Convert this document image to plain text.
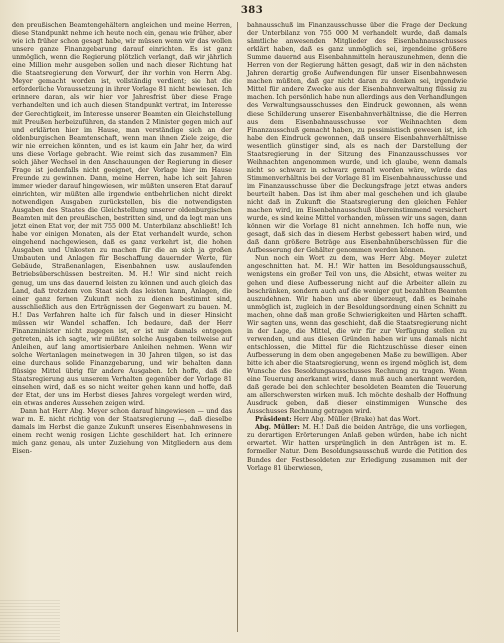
383

den preußischen Beamtengehältern angleichen und meine Herren, diese Standpunkt nehme ich heute noch ein, genau wie früher, aber wie ich früher schon gesagt habe, wir müssen wenn wir das wollen unsere ganze Finanzgebarung darauf einrichten. Es ist ganz unmöglich, wenn die Regierung plötzlich verlangt, daß wir jährlich eine Million mehr ausgeben sollen und nach dieser Richtung hat die Staatsregierung den Vorwurf, der ihr vorhin von Herrn Abg. Meyer gemacht worden ist, vollständig verdient; sie hat die erforderliche Voraussetzung in ihrer Vorlage 81 nicht bewiesen. Ich erinnere daran, als wir hier vor Jahresfrist über diese Frage verhandelten und ich auch diesen Standpunkt vertrat, im Interesse der Gerechtigkeit, im Interesse unserer Beamten ein Gleichstellung mit Preußen herbeizuführen, da standen 2 Minister gegen mich auf und erklärten hier im Hause, man verständige sich an der oldenburgischen Beamtenschaft, wenn man ihnen Ziele zeige, die wir nie erreichen könnten, und es ist kaum ein Jahr her, da wird uns diese Vorlage gebracht. Wie reimt sich das zusammen? Ein solch jäher Wechsel in den Anschauungen der Regierung in dieser Frage ist jedenfalls nicht geeignet, der Vorlage hier im Hause Freunde zu gewinnen. Dann, meine Herren, habe ich seit Jahren immer wieder darauf hingewiesen, wir müßten unseren Etat darauf einrichten, wir müßten alle irgendwie entbehrlichen nicht direkt notwendigen Ausgaben zurückstellen, bis die notwendigsten Ausgaben des Staates die Gleichstellung unserer oldenburgischen Beamten mit den preußischen, bestritten sind, und da legt man uns jetzt einen Etat vor, der mit 755 000 M. Unterbilanz abschließt! Ich habe vor einigen Monaten, als der Etat verhandelt wurde, schon eingehend nachgewiesen, daß es ganz verkehrt ist, die hohen Ausgaben und Unkosten zu machen für die an sich ja großen Umbauten und Anlagen für Beschaffung dauernder Werte, für Gebäude, Straßenanlagen, Eisenbahnen usw. auslaufenden Betriebsüberschüssen bestreiten. M. H.! Wir sind nicht reich genug, um uns das dauernd leisten zu können und auch gleich das Land, daß trotzdem von Staat sich das leisten kann, Anlagen, die einer ganz fernen Zukunft noch zu dienen bestimmt sind, ausschließlich aus den Erträgnissen der Gegenwart zu bauen. M. H.! Das Verfahren halte ich für falsch und in dieser Hinsicht müssen wir Wandel schaffen. Ich bedaure, daß der Herr Finanzminister nicht zugegen ist, er ist mir damals entgegen getreten, als ich sagte, wir müßten solche Ausgaben teilweise auf Anleihen, auf lang amortisierbare Anleihen nehmen. Wenn wir solche Wertanlagen meinetwegen in 30 Jahren tilgen, so ist das eine durchaus solide Finanzgebarung, und wir behalten dann flüssige Mittel übrig für andere Ausgaben. Ich hoffe, daß die Staatsregierung aus unserem Verhalten gegenüber der Vorlage 81 einsehen wird, daß es so nicht weiter gehen kann und hoffe, daß der Etat, der uns im Herbst dieses Jahres vorgelegt werden wird, ein etwas anderes Aussehen zeigen wird.

Dann hat Herr Abg. Meyer schon darauf hingewiesen — und das war m. E. nicht richtig von der Staatsregierung —, daß dieselbe damals im Herbst die ganze Zukunft unseres Eisenbahnwesens in einem recht wenig rosigen Lichte geschildert hat. Ich erinnere mich ganz genau, als unter Zuziehung von Mitgliedern aus dem Eisen-

bahnausschuß im Finanzausschusse über die Frage der Deckung der Unterbilanz von 755 000 M verhandelt wurde, daß damals sämtliche anwesenden Mitglieder des Eisenbahnausschusses erklärt haben, daß es ganz unmöglich sei, irgendeine größere Summe dauernd aus Eisenbahnmitteln herauszunehmen, denn die Herren von der Regierung hätten gesagt, daß wir in den nächsten Jahren derartig große Aufwendungen für unser Eisenbahnwesen machen müßten, daß gar nicht daran zu denken sei, irgendwie Mittel für andere Zwecke aus der Eisenbahnverwaltung flüssig zu machen. Ich persönlich habe nun allerdings aus den Verhandlungen des Verwaltungsausschusses den Eindruck gewonnen, als wenn diese Schilderung unserer Eisenbahnverhältnisse, die die Herren aus dem Eisenbahnausschusse vor Weihnachten dem Finanzausschuß gemacht haben, zu pessimistisch gewesen ist, ich habe den Eindruck gewonnen, daß unsere Eisenbahnverhältnisse wesentlich günstiger sind, als es nach der Darstellung der Staatsregierung in der Sitzung des Finanzausschusses vor Weihnachten angenommen wurde, und ich glaube, wenn damals nicht so schwarz in schwarz gemalt worden wäre, würde das Stimmenverhältnis bei der Vorlage 81 im Eisenbahnausschusse und im Finanzausschusse über die Deckungsfrage jetzt etwas anders beurteilt haben. Das ist ihm aber mal geschehen und ich glaube nicht daß in Zukunft die Staatsregierung den gleichen Fehler machen wird, im Eisenbahnausschuß übereinstimmend versichert wurde, es sind keine Mittel vorhanden, müssen wir uns sagen, dann können wir die Vorlage 81 nicht annehmen. Ich hoffe nun, wie gesagt, daß sich das in diesem Herbst gebessert haben wird, und daß dann größere Beträge aus Eisenbahnüberschüssen für die Aufbesserung der Gehälter genommen werden können.

Nun noch ein Wort zu dem, was Herr Abg. Meyer zuletzt angeschnitten hat. M. H.! Wir hatten im Besoldungsausschuß, wenigstens ein großer Teil von uns, die Absicht, etwas weiter zu gehen und diese Aufbesserung nicht auf die Arbeiter allein zu beschränken, sondern auch auf die weniger gut bezahlten Beamten auszudehnen. Wir haben uns aber überzeugt, daß es beinahe unmöglich ist, zugleich in der Besoldungsordnung einen Schnitt zu machen, ohne daß man große Schwierigkeiten und Härten schafft. Wir sagten uns, wenn das geschieht, daß die Staatsregierung nicht in der Lage, die Mittel, die wir für zur Verfügung stellen zu verwenden, und aus diesen Gründen haben wir uns damals nicht entschlossen, die Mittel für die Richtzuschüsse dieser einen Aufbesserung in dem oben angegebenen Maße zu bewilligen. Aber bitte ich aber die Staatsregierung, wenn es irgend möglich ist, dem Wunsche des Besoldungsausschusses Rechnung zu tragen. Wenn eine Teuerung anerkannt wird, dann muß auch anerkannt werden, daß gerade bei den schlechter besoldeten Beamten die Teuerung am allerschwersten wirken muß. Ich möchte deshalb der Hoffnung Ausdruck geben, daß dieser einstimmigen Wunsche des Ausschusses Rechnung getragen wird.

Präsident: Herr Abg. Müller (Brake) hat das Wort.

Abg. Müller: M. H.! Daß die beiden Anträge, die uns vorliegen, zu derartigen Erörterungen Anlaß geben würden, habe ich nicht erwartet. Wir hatten ursprünglich in den Anträgen ist m. E. formeller Natur. Dem Besoldungsausschuß wurde die Petition des Bundes der Festbesoldeten zur Erledigung zusammen mit der Vorlage 81 überwiesen,
